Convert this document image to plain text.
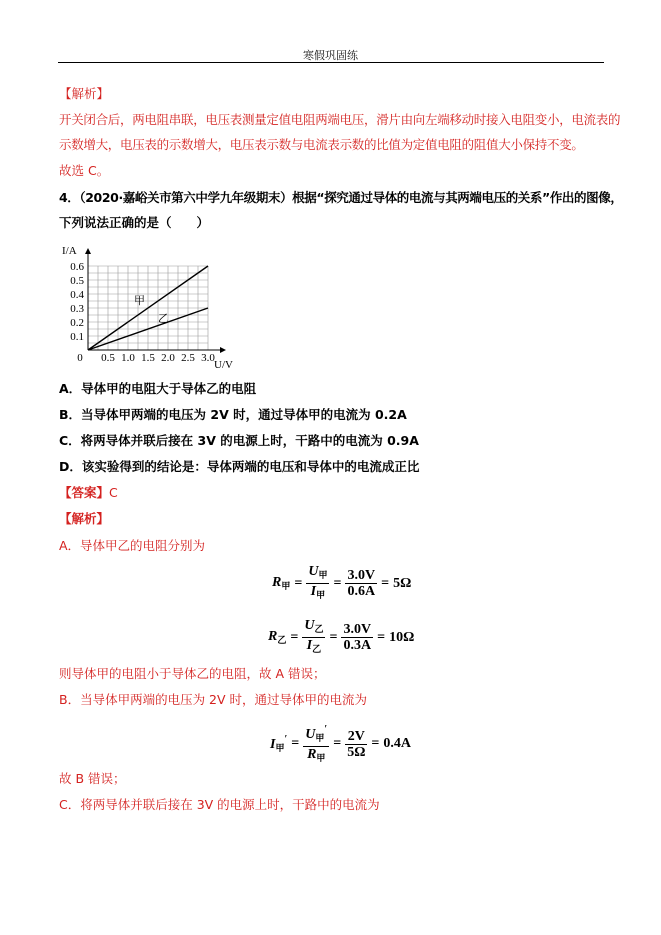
寒假巩固练
【解析】
开关闭合后，两电阻串联，电压表测量定值电阻两端电压，滑片由向左端移动时接入电阻变小，电流表的
示数增大，电压表的示数增大，电压表示数与电流表示数的比值为定值电阻的阻值大小保持不变。
故选 C。
4．（2020·嘉峪关市第六中学九年级期末）根据“探究通过导体的电流与其两端电压的关系”作出的图像，
下列说法正确的是（　　）
I/A
U/V
0.1
0.2
0.3
0.4
0.5
0.6
0 0.5 1.0 1.5 2.0 2.5 3.0
甲
乙
A．导体甲的电阻大于导体乙的电阻
B．当导体甲两端的电压为 2V 时，通过导体甲的电流为 0.2A
C．将两导体并联后接在 3V 的电源上时，干路中的电流为 0.9A
D．该实验得到的结论是：导体两端的电压和导体中的电流成正比
【答案】C
【解析】
A．导体甲乙的电阻分别为
$R_甲 = \frac{U_甲}{I_甲} = \frac{3.0V}{0.6A} = 5\Omega$
$R_乙 = \frac{U_乙}{I_乙} = \frac{3.0V}{0.3A} = 10\Omega$
则导体甲的电阻小于导体乙的电阻，故 A 错误；
B．当导体甲两端的电压为 2V 时，通过导体甲的电流为
$I_甲' = \frac{U_甲'}{R_甲} = \frac{2V}{5\Omega} = 0.4A$
故 B 错误；
C．将两导体并联后接在 3V 的电源上时，干路中的电流为
